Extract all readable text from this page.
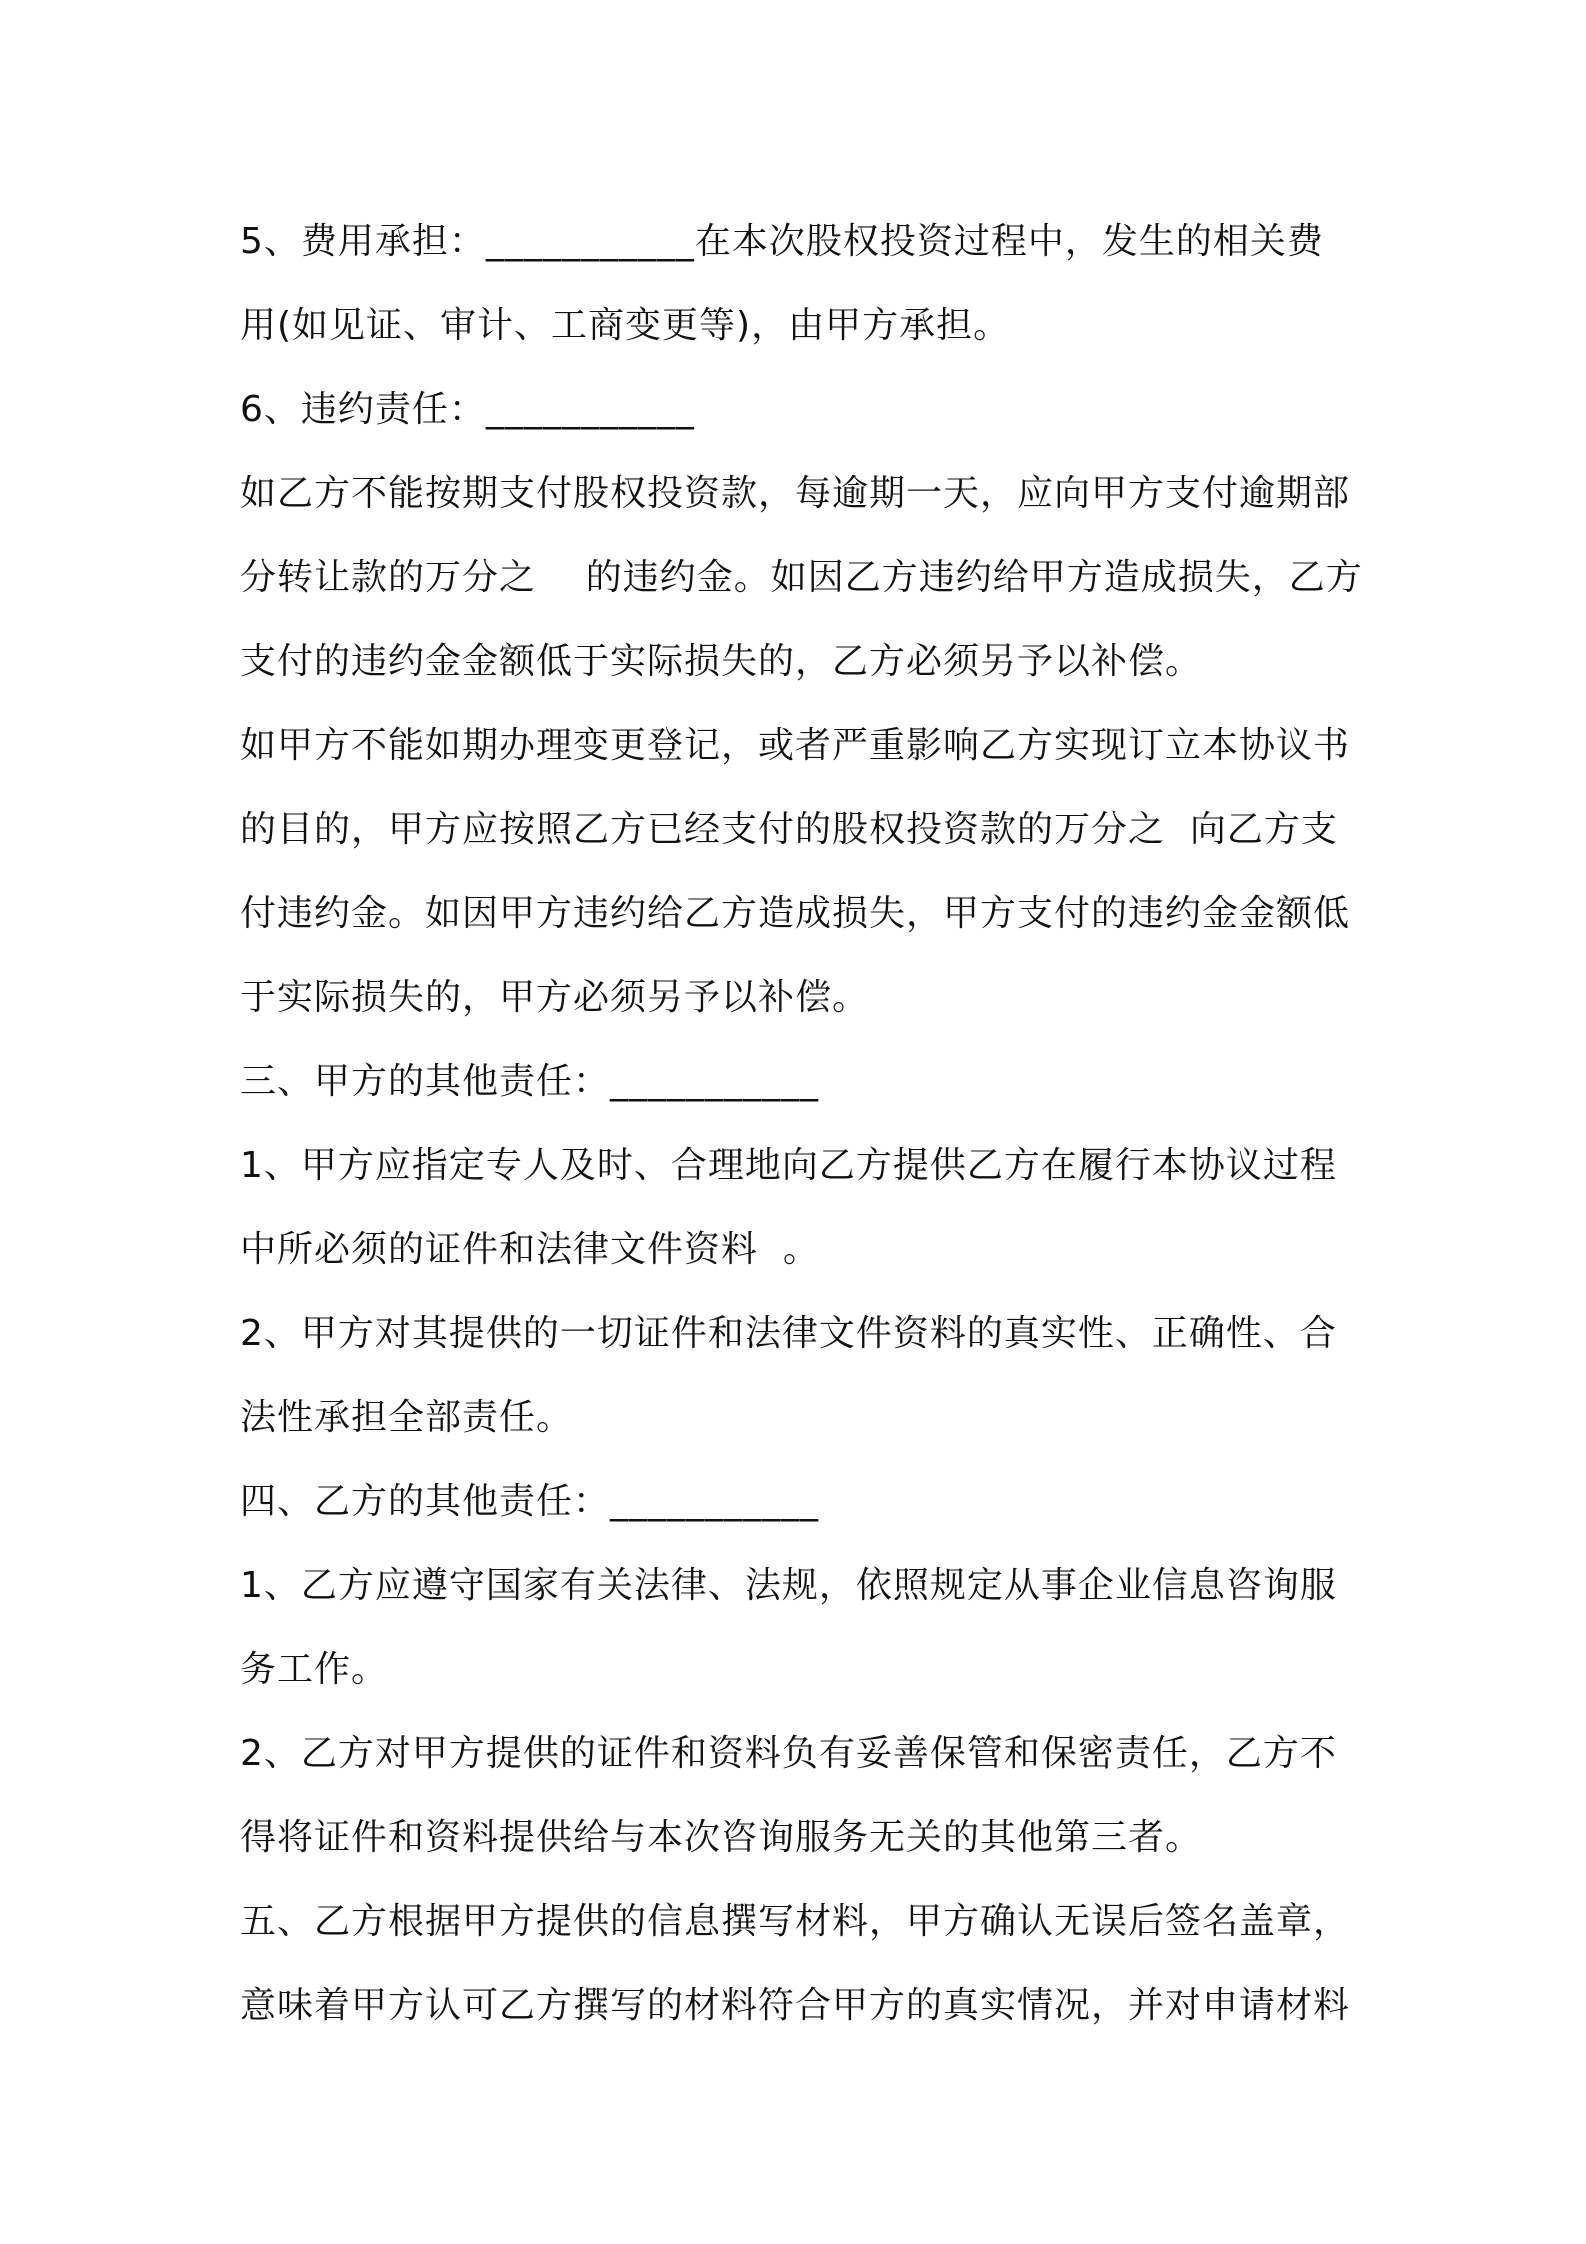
5、费用承担：___________在本次股权投资过程中，发生的相关费
用(如见证、审计、工商变更等)，由甲方承担。
6、违约责任：___________
如乙方不能按期支付股权投资款，每逾期一天，应向甲方支付逾期部
分转让款的万分之    的违约金。如因乙方违约给甲方造成损失，乙方
支付的违约金金额低于实际损失的，乙方必须另予以补偿。
如甲方不能如期办理变更登记，或者严重影响乙方实现订立本协议书
的目的，甲方应按照乙方已经支付的股权投资款的万分之  向乙方支
付违约金。如因甲方违约给乙方造成损失，甲方支付的违约金金额低
于实际损失的，甲方必须另予以补偿。
三、甲方的其他责任：___________
1、甲方应指定专人及时、合理地向乙方提供乙方在履行本协议过程
中所必须的证件和法律文件资料  。
2、甲方对其提供的一切证件和法律文件资料的真实性、正确性、合
法性承担全部责任。
四、乙方的其他责任：___________
1、乙方应遵守国家有关法律、法规，依照规定从事企业信息咨询服
务工作。
2、乙方对甲方提供的证件和资料负有妥善保管和保密责任，乙方不
得将证件和资料提供给与本次咨询服务无关的其他第三者。
五、乙方根据甲方提供的信息撰写材料，甲方确认无误后签名盖章，
意味着甲方认可乙方撰写的材料符合甲方的真实情况，并对申请材料
